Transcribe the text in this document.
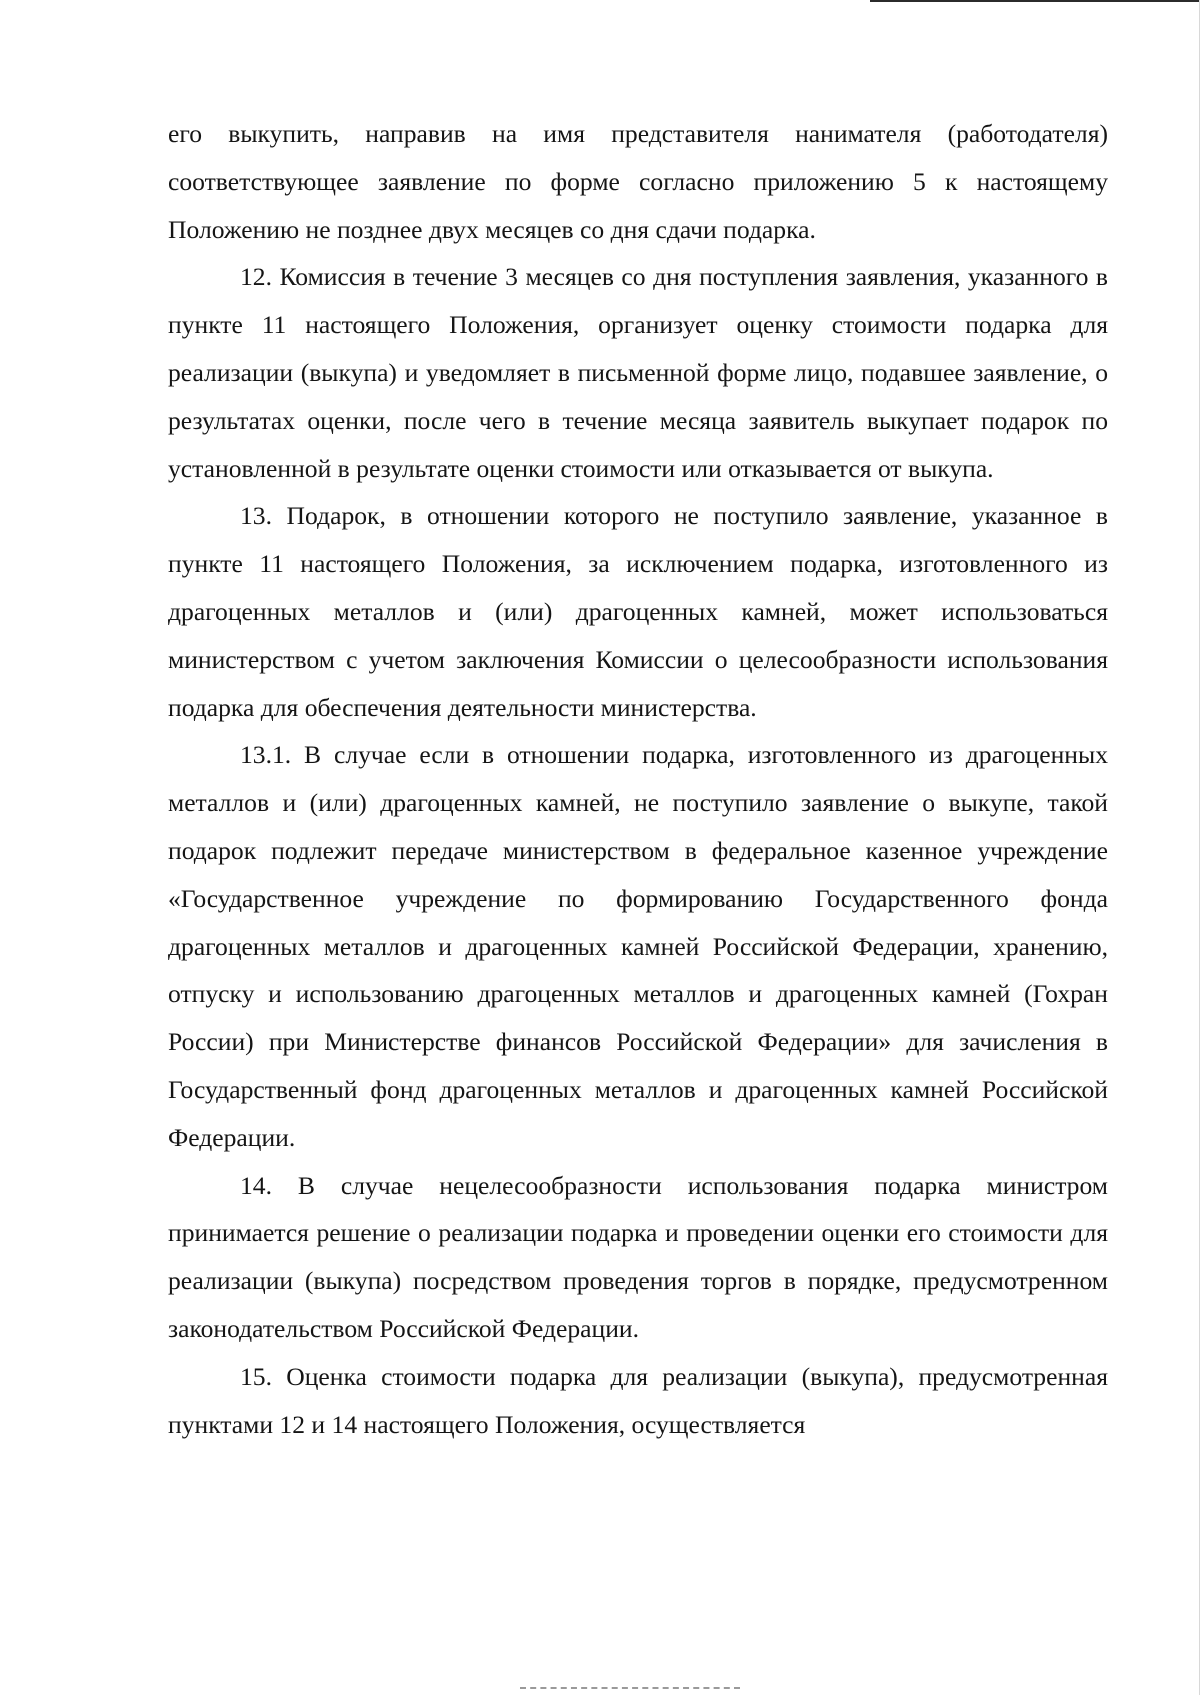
его выкупить, направив на имя представителя нанимателя (работодателя) соответствующее заявление по форме согласно приложению 5 к настоящему Положению не позднее двух месяцев со дня сдачи подарка.

12. Комиссия в течение 3 месяцев со дня поступления заявления, указанного в пункте 11 настоящего Положения, организует оценку стоимости подарка для реализации (выкупа) и уведомляет в письменной форме лицо, подавшее заявление, о результатах оценки, после чего в течение месяца заявитель выкупает подарок по установленной в результате оценки стоимости или отказывается от выкупа.

13. Подарок, в отношении которого не поступило заявление, указанное в пункте 11 настоящего Положения, за исключением подарка, изготовленного из драгоценных металлов и (или) драгоценных камней, может использоваться министерством с учетом заключения Комиссии о целесообразности использования подарка для обеспечения деятельности министерства.

13.1. В случае если в отношении подарка, изготовленного из драгоценных металлов и (или) драгоценных камней, не поступило заявление о выкупе, такой подарок подлежит передаче министерством в федеральное казенное учреждение «Государственное учреждение по формированию Государственного фонда драгоценных металлов и драгоценных камней Российской Федерации, хранению, отпуску и использованию драгоценных металлов и драгоценных камней (Гохран России) при Министерстве финансов Российской Федерации» для зачисления в Государственный фонд драгоценных металлов и драгоценных камней Российской Федерации.

14. В случае нецелесообразности использования подарка министром принимается решение о реализации подарка и проведении оценки его стоимости для реализации (выкупа) посредством проведения торгов в порядке, предусмотренном законодательством Российской Федерации.

15. Оценка стоимости подарка для реализации (выкупа), предусмотренная пунктами 12 и 14 настоящего Положения, осуществляется
